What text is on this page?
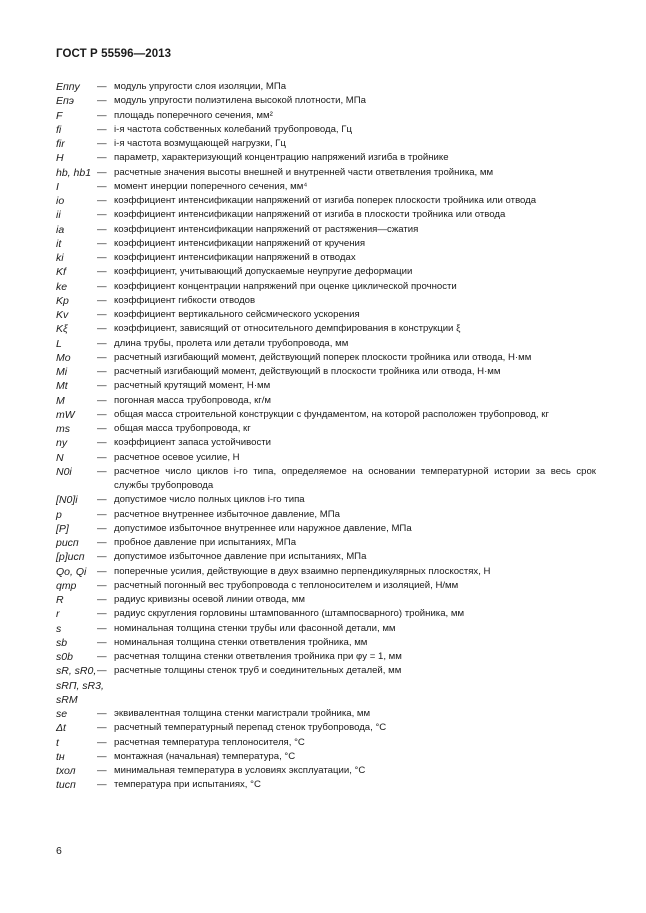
ГОСТ Р 55596—2013
Eппу	— модуль упругости слоя изоляции, МПа
Eпэ	— модуль упругости полиэтилена высокой плотности, МПа
F	— площадь поперечного сечения, мм²
fi	— i-я частота собственных колебаний трубопровода, Гц
fir	— i-я частота возмущающей нагрузки, Гц
H	— параметр, характеризующий концентрацию напряжений изгиба в тройнике
hb, hb1 — расчетные значения высоты внешней и внутренней части ответвления тройника, мм
I	— момент инерции поперечного сечения, мм⁴
io	— коэффициент интенсификации напряжений от изгиба поперек плоскости тройника или отвода
ii	— коэффициент интенсификации напряжений от изгиба в плоскости тройника или отвода
ia	— коэффициент интенсификации напряжений от растяжения—сжатия
it	— коэффициент интенсификации напряжений от кручения
ki	— коэффициент интенсификации напряжений в отводах
Kf	— коэффициент, учитывающий допускаемые неупругие деформации
ke	— коэффициент концентрации напряжений при оценке циклической прочности
Kp	— коэффициент гибкости отводов
Kv	— коэффициент вертикального сейсмического ускорения
Kξ	— коэффициент, зависящий от относительного демпфирования в конструкции ξ
L	— длина трубы, пролета или детали трубопровода, мм
Mo	— расчетный изгибающий момент, действующий поперек плоскости тройника или отвода, Н·мм
Mi	— расчетный изгибающий момент, действующий в плоскости тройника или отвода, Н·мм
Mt	— расчетный крутящий момент, Н·мм
M	— погонная масса трубопровода, кг/м
mW	— общая масса строительной конструкции с фундаментом, на которой расположен трубопровод, кг
ms	— общая масса трубопровода, кг
ny	— коэффициент запаса устойчивости
N	— расчетное осевое усилие, Н
N0i	— расчетное число циклов i-го типа, определяемое на основании температурной истории за весь срок службы трубопровода
[N0]i	— допустимое число полных циклов i-го типа
p	— расчетное внутреннее избыточное давление, МПа
[P]	— допустимое избыточное внутреннее или наружное давление, МПа
pисп	— пробное давление при испытаниях, МПа
[p]исп	— допустимое избыточное давление при испытаниях, МПа
Qo, Qi	— поперечные усилия, действующие в двух взаимно перпендикулярных плоскостях, Н
qтр	— расчетный погонный вес трубопровода с теплоносителем и изоляцией, Н/мм
R	— радиус кривизны осевой линии отвода, мм
r	— радиус скругления горловины штампованного (штампосварного) тройника, мм
s	— номинальная толщина стенки трубы или фасонной детали, мм
sb	— номинальная толщина стенки ответвления тройника, мм
s0b	— расчетная толщина стенки ответвления тройника при φy = 1, мм
sR, sR0, — расчетные толщины стенок труб и соединительных деталей, мм
sRП, sR3,
sRM
se	— эквивалентная толщина стенки магистрали тройника, мм
Δt	— расчетный температурный перепад стенок трубопровода, °С
t	— расчетная температура теплоносителя, °С
tн	— монтажная (начальная) температура, °С
tхол	— минимальная температура в условиях эксплуатации, °С
tисп	— температура при испытаниях, °С
6
